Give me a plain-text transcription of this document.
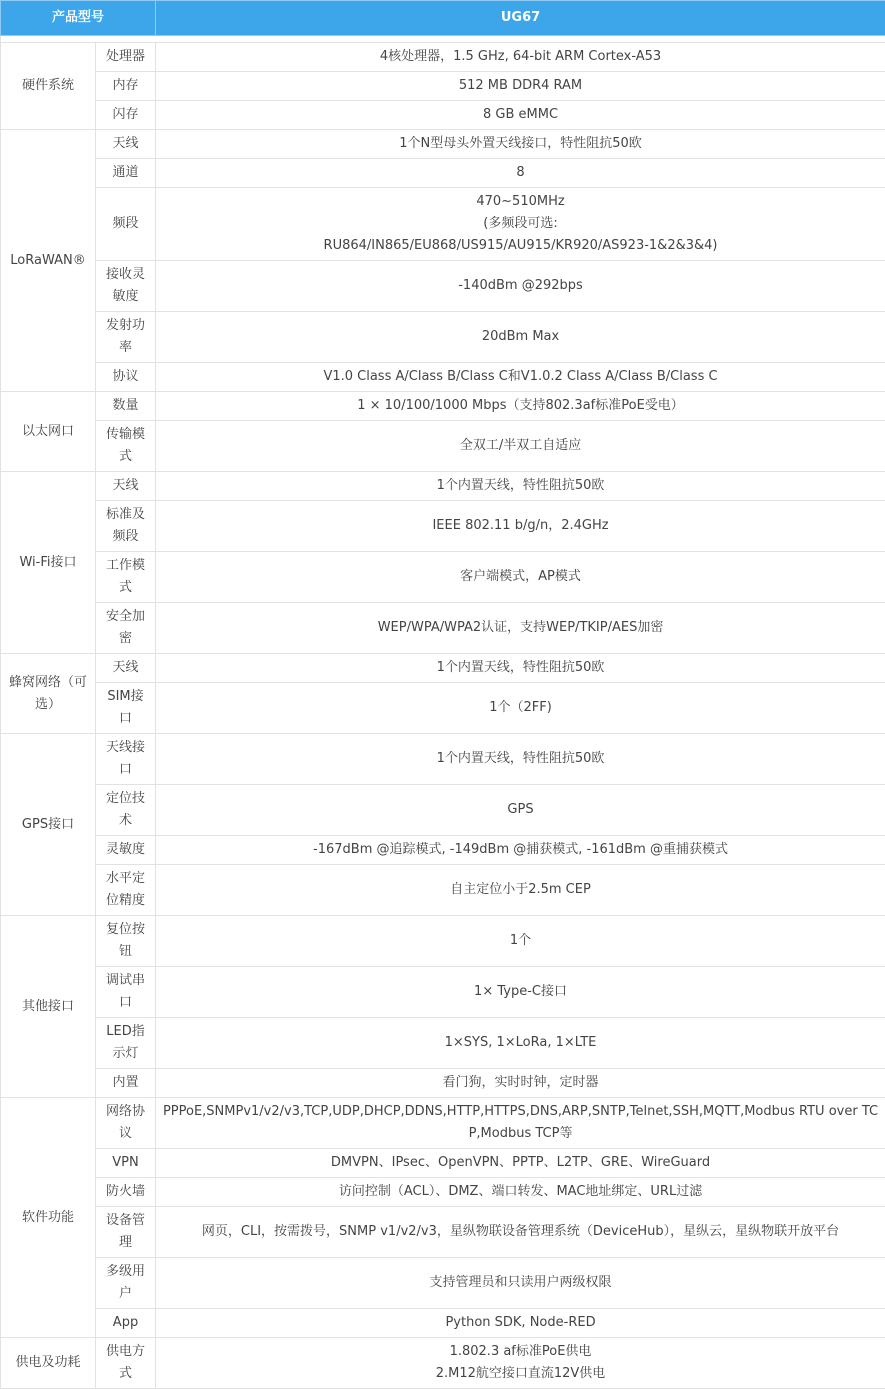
产品型号		UG67

硬件系统	处理器	4核处理器，1.5 GHz, 64-bit ARM Cortex-A53
	内存	512 MB DDR4 RAM
	闪存	8 GB eMMC
LoRaWAN®	天线	1个N型母头外置天线接口，特性阻抗50欧
	通道	8
	频段	470~510MHz
(多频段可选:
RU864/IN865/EU868/US915/AU915/KR920/AS923-1&2&3&4)
	接收灵敏度	-140dBm @292bps
	发射功率	20dBm Max
	协议	V1.0 Class A/Class B/Class C和V1.0.2 Class A/Class B/Class C
以太网口	数量	1 × 10/100/1000 Mbps（支持802.3af标准PoE受电）
	传输模式	全双工/半双工自适应
Wi-Fi接口	天线	1个内置天线，特性阻抗50欧
	标准及频段	IEEE 802.11 b/g/n，2.4GHz
	工作模式	客户端模式，AP模式
	安全加密	WEP/WPA/WPA2认证，支持WEP/TKIP/AES加密
蜂窝网络（可选）	天线	1个内置天线，特性阻抗50欧
	SIM接口	1个（2FF)
GPS接口	天线接口	1个内置天线，特性阻抗50欧
	定位技术	GPS
	灵敏度	-167dBm @追踪模式, -149dBm @捕获模式, -161dBm @重捕获模式
	水平定位精度	自主定位小于2.5m CEP
其他接口	复位按钮	1个
	调试串口	1× Type-C接口
	LED指示灯	1×SYS, 1×LoRa, 1×LTE
	内置	看门狗，实时时钟，定时器
软件功能	网络协议	PPPoE,SNMPv1/v2/v3,TCP,UDP,DHCP,DDNS,HTTP,HTTPS,DNS,ARP,SNTP,Telnet,SSH,MQTT,Modbus RTU over TCP,Modbus TCP等
	VPN	DMVPN、IPsec、OpenVPN、PPTP、L2TP、GRE、WireGuard
	防火墙	访问控制（ACL）、DMZ、端口转发、MAC地址绑定、URL过滤
	设备管理	网页，CLI，按需拨号，SNMP v1/v2/v3，星纵物联设备管理系统（DeviceHub），星纵云，星纵物联开放平台
	多级用户	支持管理员和只读用户两级权限
	App	Python SDK, Node-RED
供电及功耗	供电方式	1.802.3 af标准PoE供电
2.M12航空接口直流12V供电
